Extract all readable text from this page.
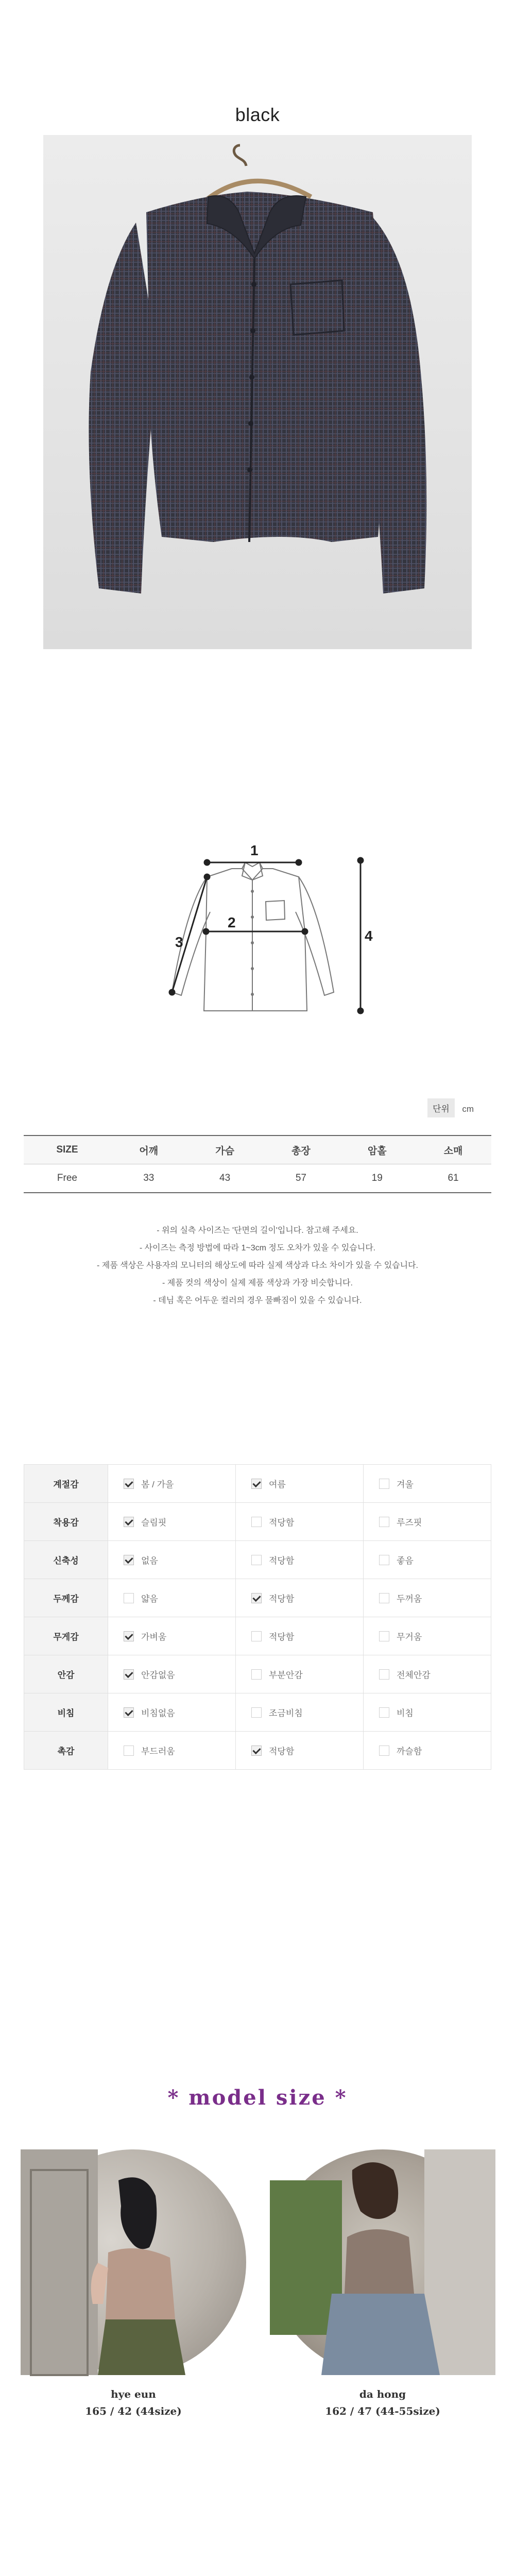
black
1
2
3	4
단위 cm
SIZE	어깨	가슴	총장	암홀	소매
Free	33	43	57	19	61
- 위의 실측 사이즈는 '단면의 길이'입니다. 참고해 주세요.
- 사이즈는 측정 방법에 따라 1~3cm 정도 오차가 있을 수 있습니다.
- 제품 색상은 사용자의 모니터의 해상도에 따라 실제 색상과 다소 차이가 있을 수 있습니다.
- 제품 컷의 색상이 실제 제품 색상과 가장 비슷합니다.
- 데님 혹은 어두운 컬러의 경우 물빠짐이 있을 수 있습니다.
계절감	봄 / 가을	여름	겨울
착용감	슬림핏	적당함	루즈핏
신축성	없음	적당함	좋음
두께감	얇음	적당함	두꺼움
무게감	가벼움	적당함	무거움
안감	안감없음	부분안감	전체안감
비침	비침없음	조금비침	비침
촉감	부드러움	적당함	까슬함
* model size *
hye eun
165 / 42 (44size)
da hong
162 / 47 (44-55size)
